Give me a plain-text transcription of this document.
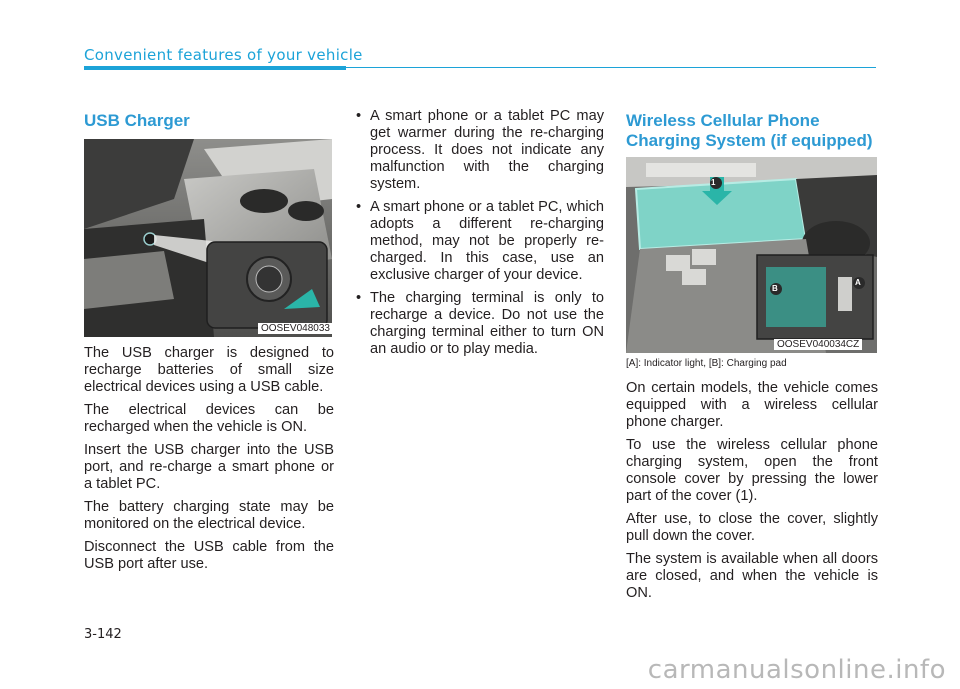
Convenient features of your vehicle
USB Charger
OOSEV048033

The USB charger is designed to recharge batteries of small size electrical devices using a USB cable.

The electrical devices can be recharged when the vehicle is ON.

Insert the USB charger into the USB port, and re-charge a smart phone or a tablet PC.

The battery charging state may be monitored on the electrical device.

Disconnect the USB cable from the USB port after use.

• A smart phone or a tablet PC may get warmer during the re-charging process. It does not indicate any malfunction with the charging system.
• A smart phone or a tablet PC, which adopts a different re-charging method, may not be properly re-charged. In this case, use an exclusive charger of your device.
• The charging terminal is only to recharge a device. Do not use the charging terminal either to turn ON an audio or to play media.
Wireless Cellular Phone
Charging System (if equipped)
1
B
A
OOSEV040034CZ
[A]: Indicator light, [B]: Charging pad

On certain models, the vehicle comes equipped with a wireless cellular phone charger.

To use the wireless cellular phone charging system, open the front console cover by pressing the lower part of the cover (1).

After use, to close the cover, slightly pull down the cover.

The system is available when all doors are closed, and when the vehicle is ON.

3-142
carmanualsonline.info
